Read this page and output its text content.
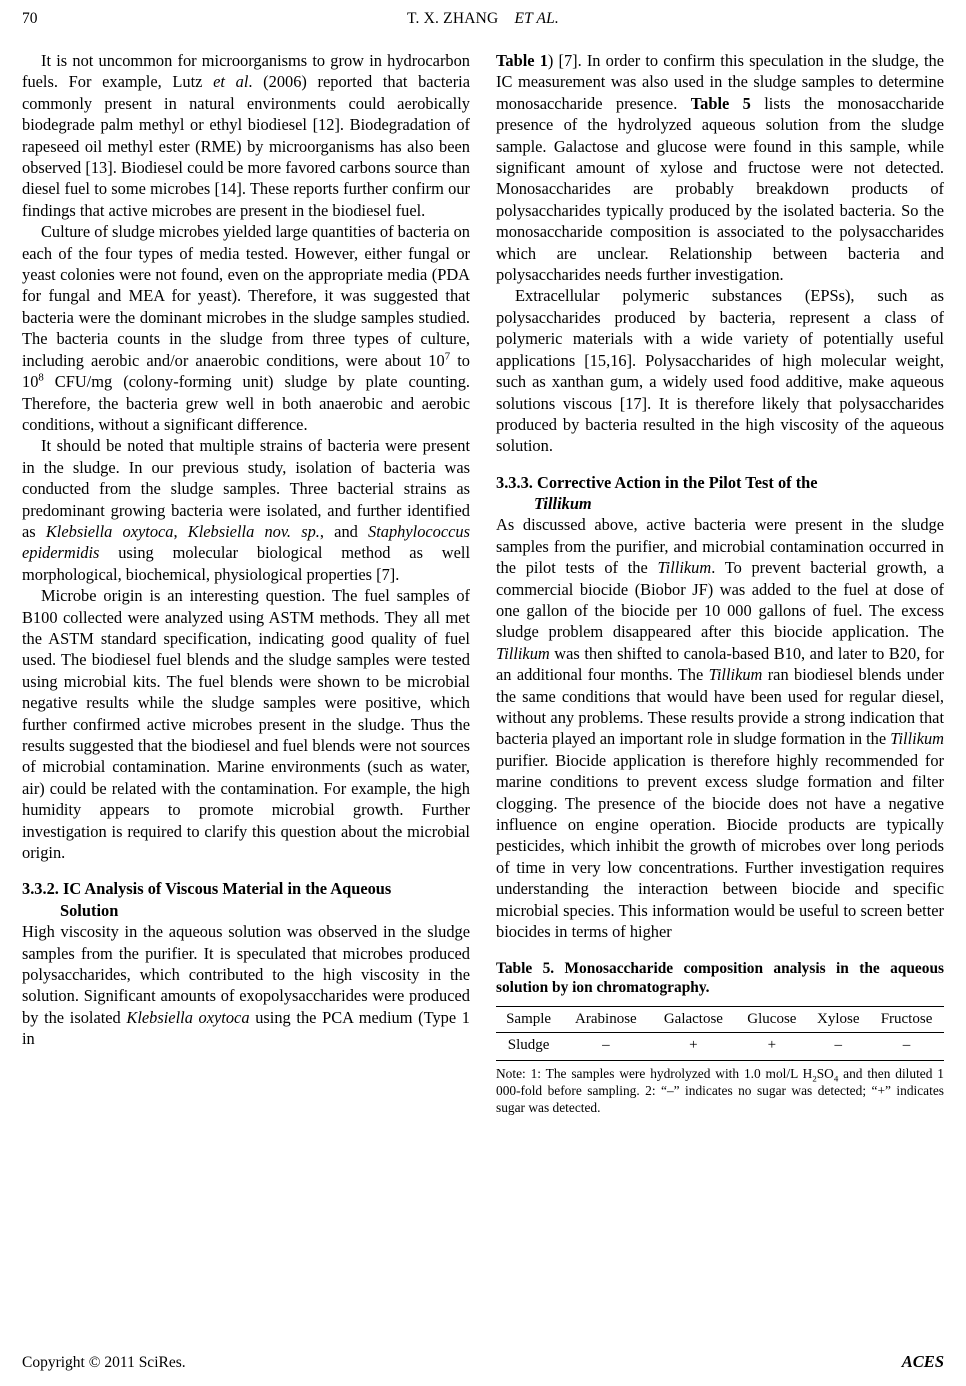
70	T. X. ZHANG ET AL.

It is not uncommon for microorganisms to grow in hydrocarbon fuels. For example, Lutz et al. (2006) reported that bacteria commonly present in natural environments could aerobically biodegrade palm methyl or ethyl biodiesel [12]. Biodegradation of rapeseed oil methyl ester (RME) by microorganisms has also been observed [13]. Biodiesel could be more favored carbons source than diesel fuel to some microbes [14]. These reports further confirm our findings that active microbes are present in the biodiesel fuel.

Culture of sludge microbes yielded large quantities of bacteria on each of the four types of media tested. However, either fungal or yeast colonies were not found, even on the appropriate media (PDA for fungal and MEA for yeast). Therefore, it was suggested that bacteria were the dominant microbes in the sludge samples studied. The bacteria counts in the sludge from three types of culture, including aerobic and/or anaerobic conditions, were about $10^7$ to $10^8$ CFU/mg (colony-forming unit) sludge by plate counting. Therefore, the bacteria grew well in both anaerobic and aerobic conditions, without a significant difference.

It should be noted that multiple strains of bacteria were present in the sludge. In our previous study, isolation of bacteria was conducted from the sludge samples. Three bacterial strains as predominant growing bacteria were isolated, and further identified as Klebsiella oxytoca, Klebsiella nov. sp., and Staphylococcus epidermidis using molecular biological method as well morphological, biochemical, physiological properties [7].

Microbe origin is an interesting question. The fuel samples of B100 collected were analyzed using ASTM methods. They all met the ASTM standard specification, indicating good quality of fuel used. The biodiesel fuel blends and the sludge samples were tested using microbial kits. The fuel blends were shown to be microbial negative results while the sludge samples were positive, which further confirmed active microbes present in the sludge. Thus the results suggested that the biodiesel and fuel blends were not sources of microbial contamination. Marine environments (such as water, air) could be related with the contamination. For example, the high humidity appears to promote microbial growth. Further investigation is required to clarify this question about the microbial origin.

3.3.2. IC Analysis of Viscous Material in the Aqueous
Solution

High viscosity in the aqueous solution was observed in the sludge samples from the purifier. It is speculated that microbes produced polysaccharides, which contributed to the high viscosity in the solution. Significant amounts of exopolysaccharides were produced by the isolated Klebsiella oxytoca using the PCA medium (Type 1 in

Table 1) [7]. In order to confirm this speculation in the sludge, the IC measurement was also used in the sludge samples to determine monosaccharide presence. Table 5 lists the monosaccharide presence of the hydrolyzed aqueous solution from the sludge sample. Galactose and glucose were found in this sample, while significant amount of xylose and fructose were not detected. Monosaccharides are probably breakdown products of polysaccharides typically produced by the isolated bacteria. So the monosaccharide composition is associated to the polysaccharides which are unclear. Relationship between bacteria and polysaccharides needs further investigation.

Extracellular polymeric substances (EPSs), such as polysaccharides produced by bacteria, represent a class of polymeric materials with a wide variety of potentially useful applications [15,16]. Polysaccharides of high molecular weight, such as xanthan gum, a widely used food additive, make aqueous solutions viscous [17]. It is therefore likely that polysaccharides produced by bacteria resulted in the high viscosity of the aqueous solution.

3.3.3. Corrective Action in the Pilot Test of the
Tillikum

As discussed above, active bacteria were present in the sludge samples from the purifier, and microbial contamination occurred in the pilot tests of the Tillikum. To prevent bacterial growth, a commercial biocide (Biobor JF) was added to the fuel at dose of one gallon of the biocide per 10 000 gallons of fuel. The excess sludge problem disappeared after this biocide application. The Tillikum was then shifted to canola-based B10, and later to B20, for an additional four months. The Tillikum ran biodiesel blends under the same conditions that would have been used for regular diesel, without any problems. These results provide a strong indication that bacteria played an important role in sludge formation in the Tillikum purifier. Biocide application is therefore highly recommended for marine conditions to prevent excess sludge formation and filter clogging. The presence of the biocide does not have a negative influence on engine operation. Biocide products are typically pesticides, which inhibit the growth of microbes over long periods of time in very low concentrations. Further investigation requires understanding the interaction between biocide and specific microbial species. This information would be useful to screen better biocides in terms of higher

Table 5. Monosaccharide composition analysis in the aqueous solution by ion chromatography.
Sample	Arabinose	Galactose	Glucose	Xylose	Fructose
Sludge	–	+	+	–	–
Note: 1: The samples were hydrolyzed with 1.0 mol/L $H_2SO_4$ and then diluted 1 000-fold before sampling. 2: “–” indicates no sugar was detected; “+” indicates sugar was detected.
Copyright © 2011 SciRes.	ACES
